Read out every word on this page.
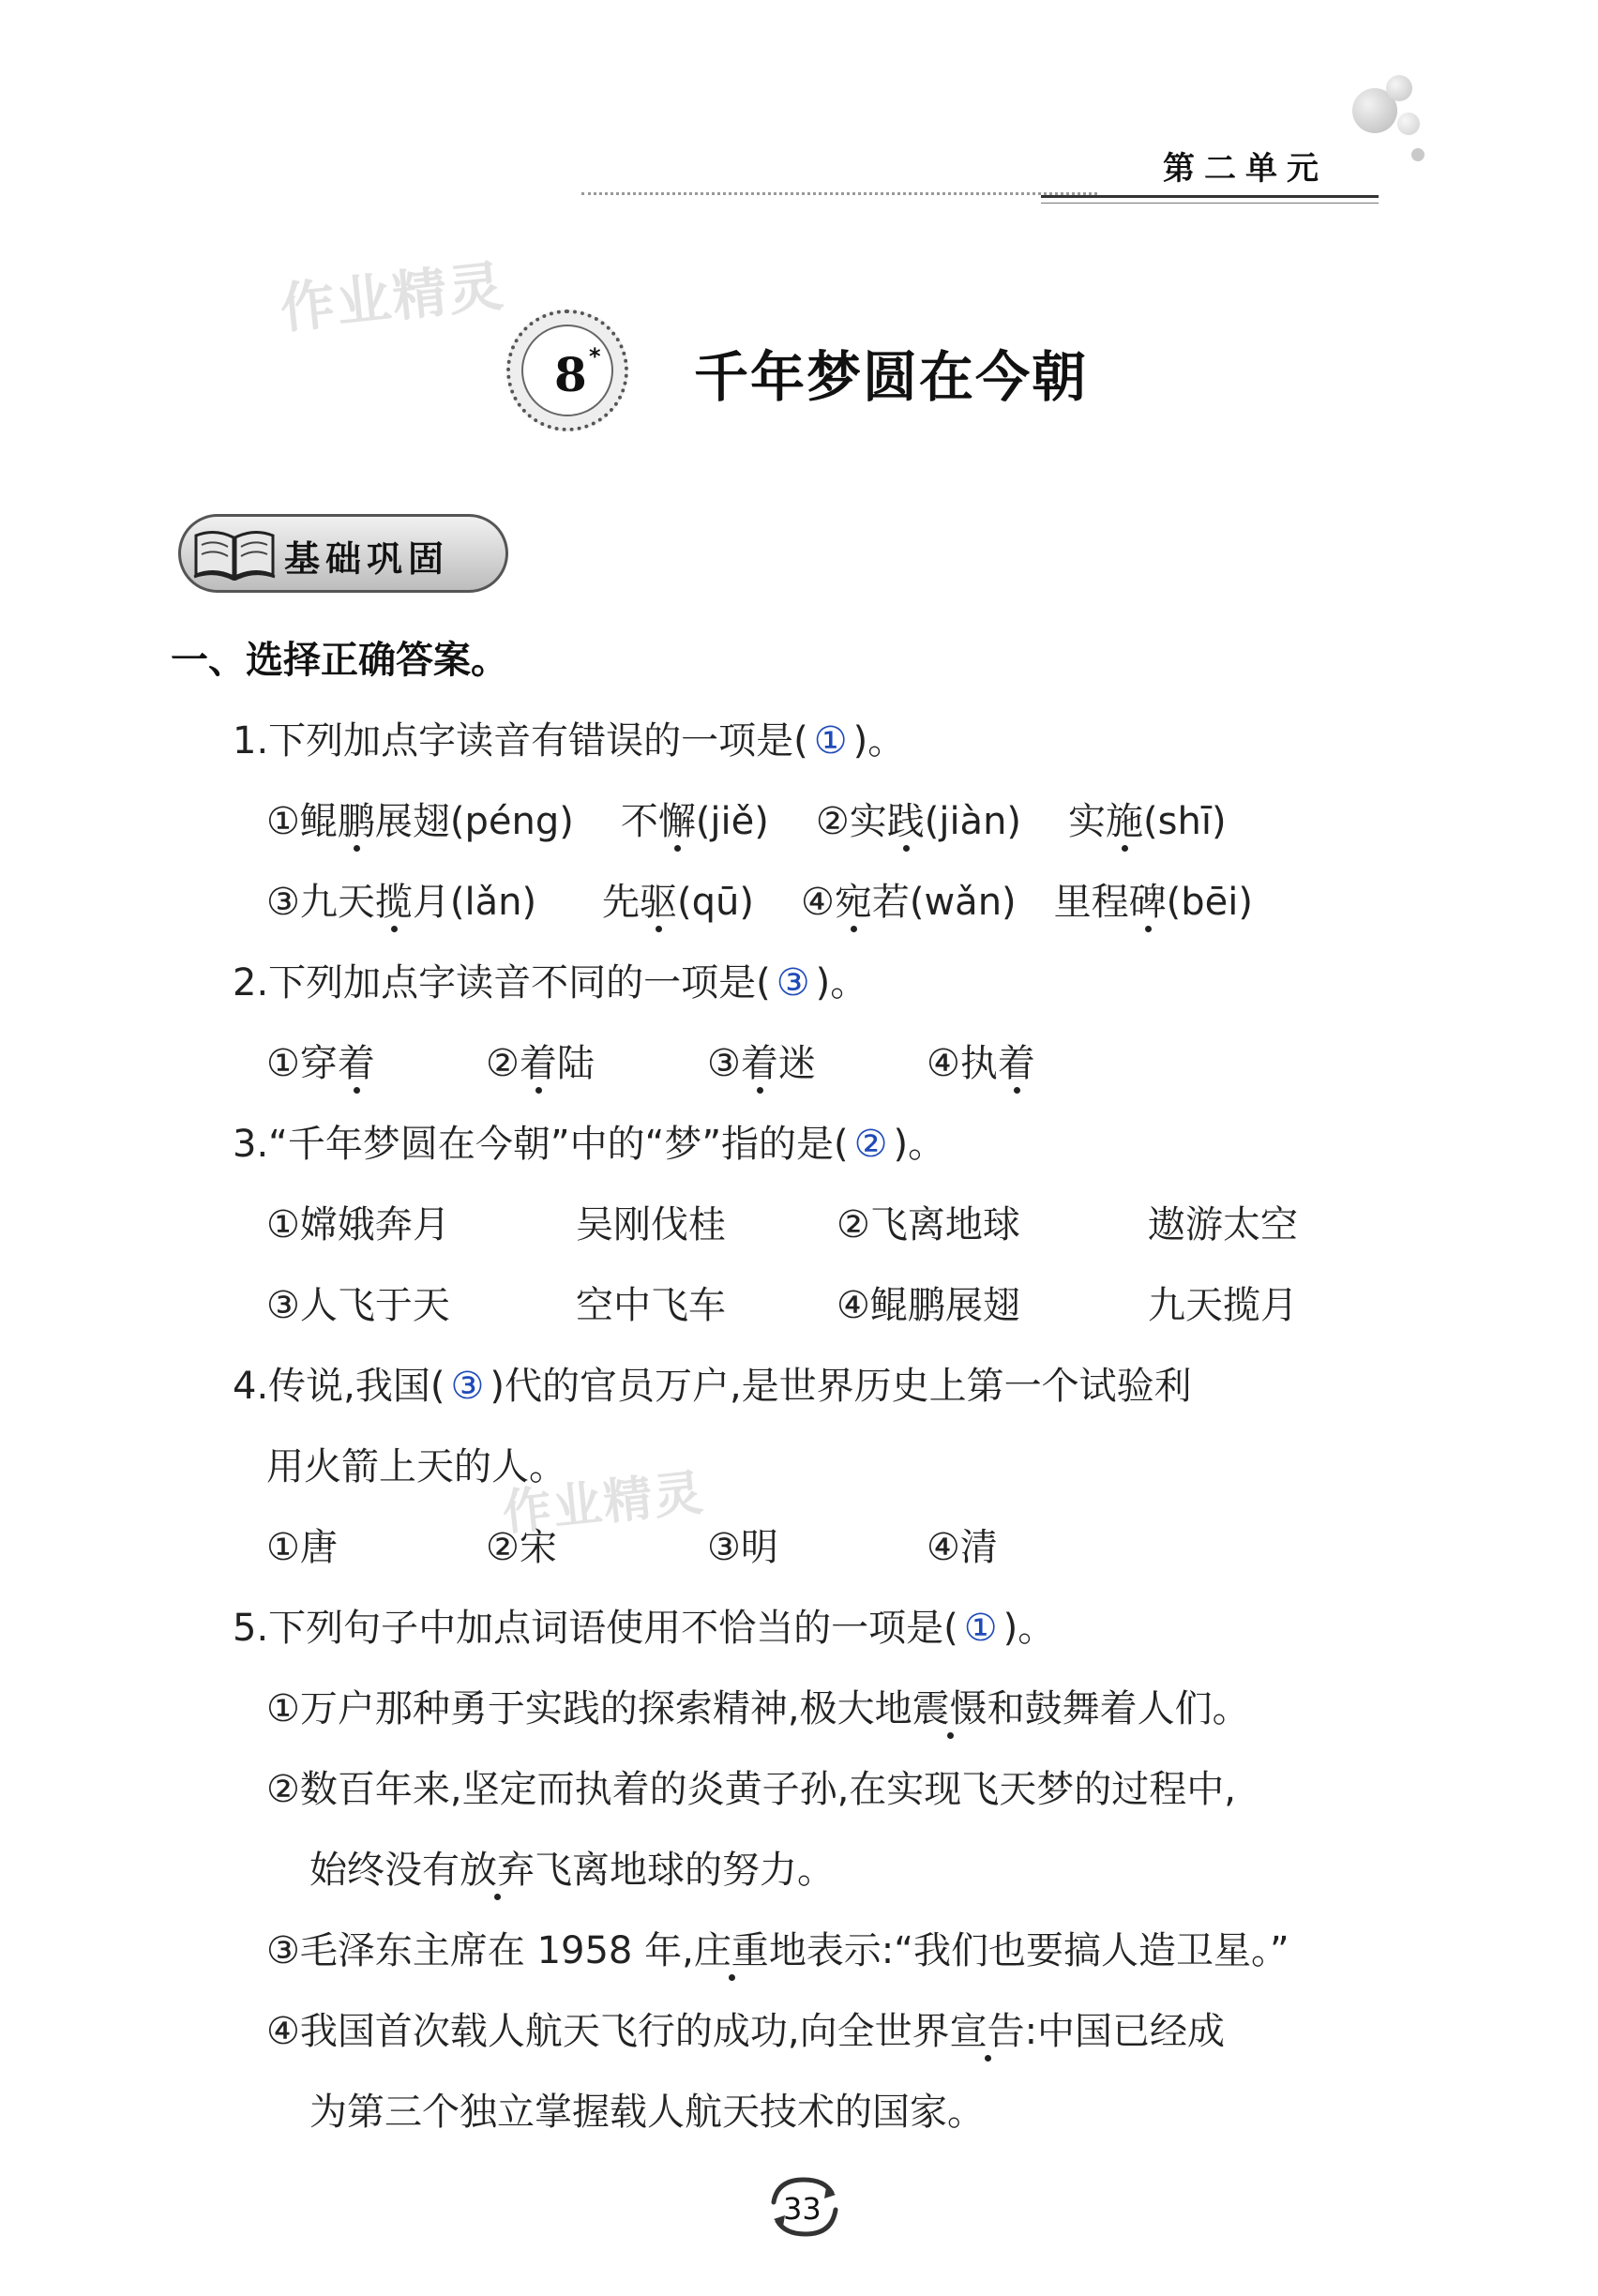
第二单元
作业精灵
作业精灵
8 * 千年梦圆在今朝
基础巩固
一、选择正确答案。
1.下列加点字读音有错误的一项是( ① )。
①鲲鹏展翅(péng) 不懈(jiě) ②实践(jiàn) 实施(shī)
③九天揽月(lǎn) 先驱(qū) ④宛若(wǎn) 里程碑(bēi)
2.下列加点字读音不同的一项是( ③ )。
①穿着	②着陆	③着迷	④执着
3.“千年梦圆在今朝”中的“梦”指的是( ② )。
①嫦娥奔月	吴刚伐桂	②飞离地球	遨游太空
③人飞于天	空中飞车	④鲲鹏展翅	九天揽月
4.传说,我国( ③ )代的官员万户,是世界历史上第一个试验利
用火箭上天的人。
①唐	②宋	③明	④清
5.下列句子中加点词语使用不恰当的一项是( ① )。
①万户那种勇于实践的探索精神,极大地震慑和鼓舞着人们。
②数百年来,坚定而执着的炎黄子孙,在实现飞天梦的过程中,
始终没有放弃飞离地球的努力。
③毛泽东主席在 1958 年,庄重地表示:“我们也要搞人造卫星。”
④我国首次载人航天飞行的成功,向全世界宣告:中国已经成
为第三个独立掌握载人航天技术的国家。
33
